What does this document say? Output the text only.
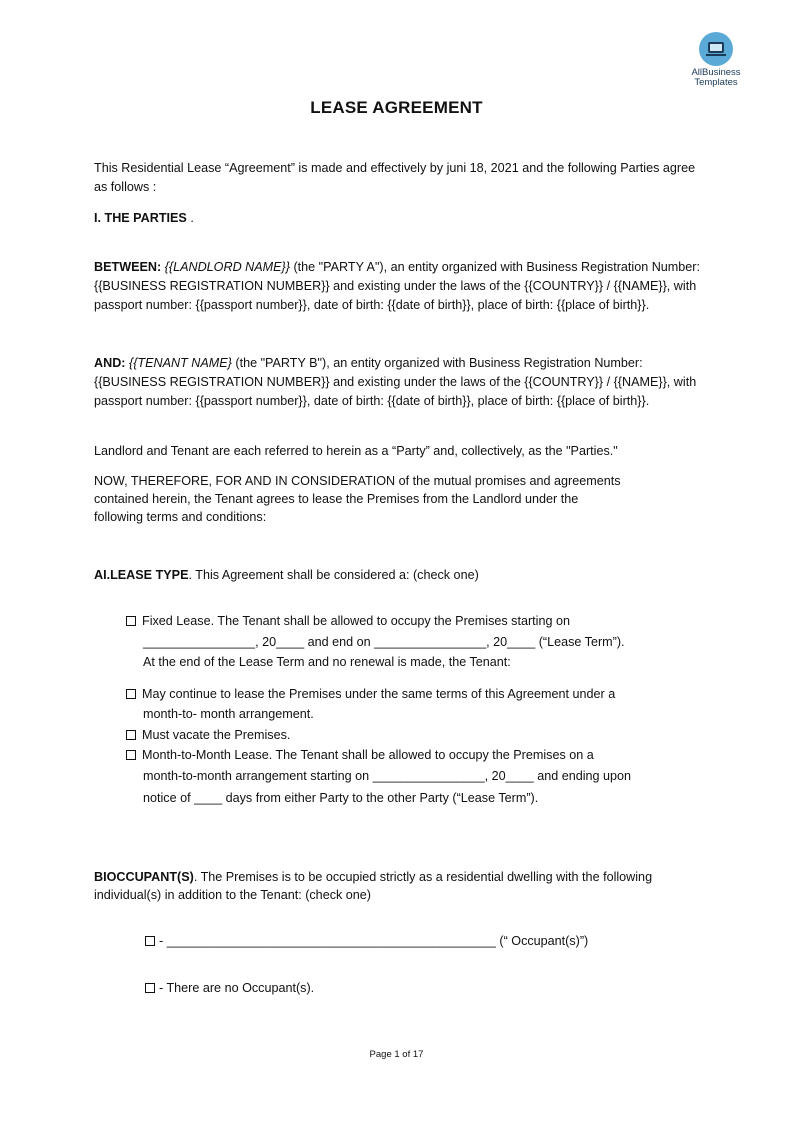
AllBusiness
Templates
LEASE AGREEMENT
This Residential Lease “Agreement” is made and effectively by juni 18, 2021 and the following Parties agree as follows :
I. THE PARTIES .
BETWEEN: {{LANDLORD NAME}} (the "PARTY A"), an entity organized with Business Registration Number: {{BUSINESS REGISTRATION NUMBER}} and existing under the laws of the {{COUNTRY}} / {{NAME}}, with passport number: {{passport number}}, date of birth: {{date of birth}}, place of birth: {{place of birth}}.
AND: {{TENANT NAME} (the "PARTY B"), an entity organized with Business Registration Number: {{BUSINESS REGISTRATION NUMBER}} and existing under the laws of the {{COUNTRY}} / {{NAME}}, with passport number: {{passport number}}, date of birth: {{date of birth}}, place of birth: {{place of birth}}.
Landlord and Tenant are each referred to herein as a “Party” and, collectively, as the "Parties."
NOW, THEREFORE, FOR AND IN CONSIDERATION of the mutual promises and agreements
contained herein, the Tenant agrees to lease the Premises from the Landlord under the
following terms and conditions:
AI.LEASE TYPE. This Agreement shall be considered a: (check one)
Fixed Lease. The Tenant shall be allowed to occupy the Premises starting on
________________, 20____ and end on ________________, 20____ (“Lease Term”).
At the end of the Lease Term and no renewal is made, the Tenant:
May continue to lease the Premises under the same terms of this Agreement under a
month-to- month arrangement.
Must vacate the Premises.
Month-to-Month Lease. The Tenant shall be allowed to occupy the Premises on a
month-to-month arrangement starting on ________________, 20____ and ending upon
notice of ____ days from either Party to the other Party (“Lease Term”).
BIOCCUPANT(S). The Premises is to be occupied strictly as a residential dwelling with the following
individual(s) in addition to the Tenant: (check one)
- _______________________________________________ (“ Occupant(s)”)
- There are no Occupant(s).
Page 1 of 17
